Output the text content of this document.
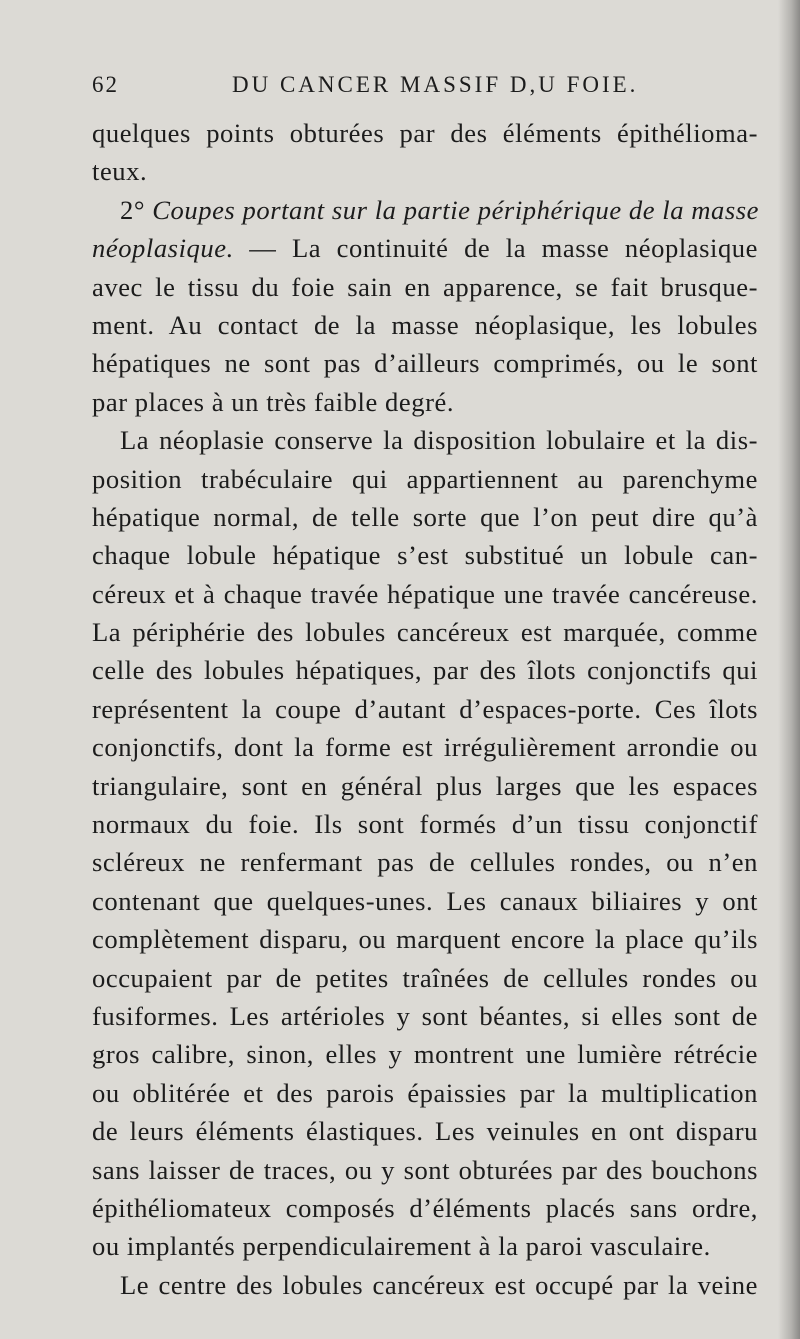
62	DU CANCER MASSIF D,U FOIE.
quelques points obturées par des éléments épithélioma-
teux.
2° Coupes portant sur la partie périphérique de la masse
néoplasique. — La continuité de la masse néoplasique
avec le tissu du foie sain en apparence, se fait brusque-
ment. Au contact de la masse néoplasique, les lobules
hépatiques ne sont pas d’ailleurs comprimés, ou le sont
par places à un très faible degré.
La néoplasie conserve la disposition lobulaire et la dis-
position trabéculaire qui appartiennent au parenchyme
hépatique normal, de telle sorte que l’on peut dire qu’à
chaque lobule hépatique s’est substitué un lobule can-
céreux et à chaque travée hépatique une travée cancéreuse.
La périphérie des lobules cancéreux est marquée, comme
celle des lobules hépatiques, par des îlots conjonctifs qui
représentent la coupe d’autant d’espaces-porte. Ces îlots
conjonctifs, dont la forme est irrégulièrement arrondie ou
triangulaire, sont en général plus larges que les espaces
normaux du foie. Ils sont formés d’un tissu conjonctif
scléreux ne renfermant pas de cellules rondes, ou n’en
contenant que quelques-unes. Les canaux biliaires y ont
complètement disparu, ou marquent encore la place qu’ils
occupaient par de petites traînées de cellules rondes ou
fusiformes. Les artérioles y sont béantes, si elles sont de
gros calibre, sinon, elles y montrent une lumière rétrécie
ou oblitérée et des parois épaissies par la multiplication
de leurs éléments élastiques. Les veinules en ont disparu
sans laisser de traces, ou y sont obturées par des bouchons
épithéliomateux composés d’éléments placés sans ordre,
ou implantés perpendiculairement à la paroi vasculaire.
Le centre des lobules cancéreux est occupé par la veine
